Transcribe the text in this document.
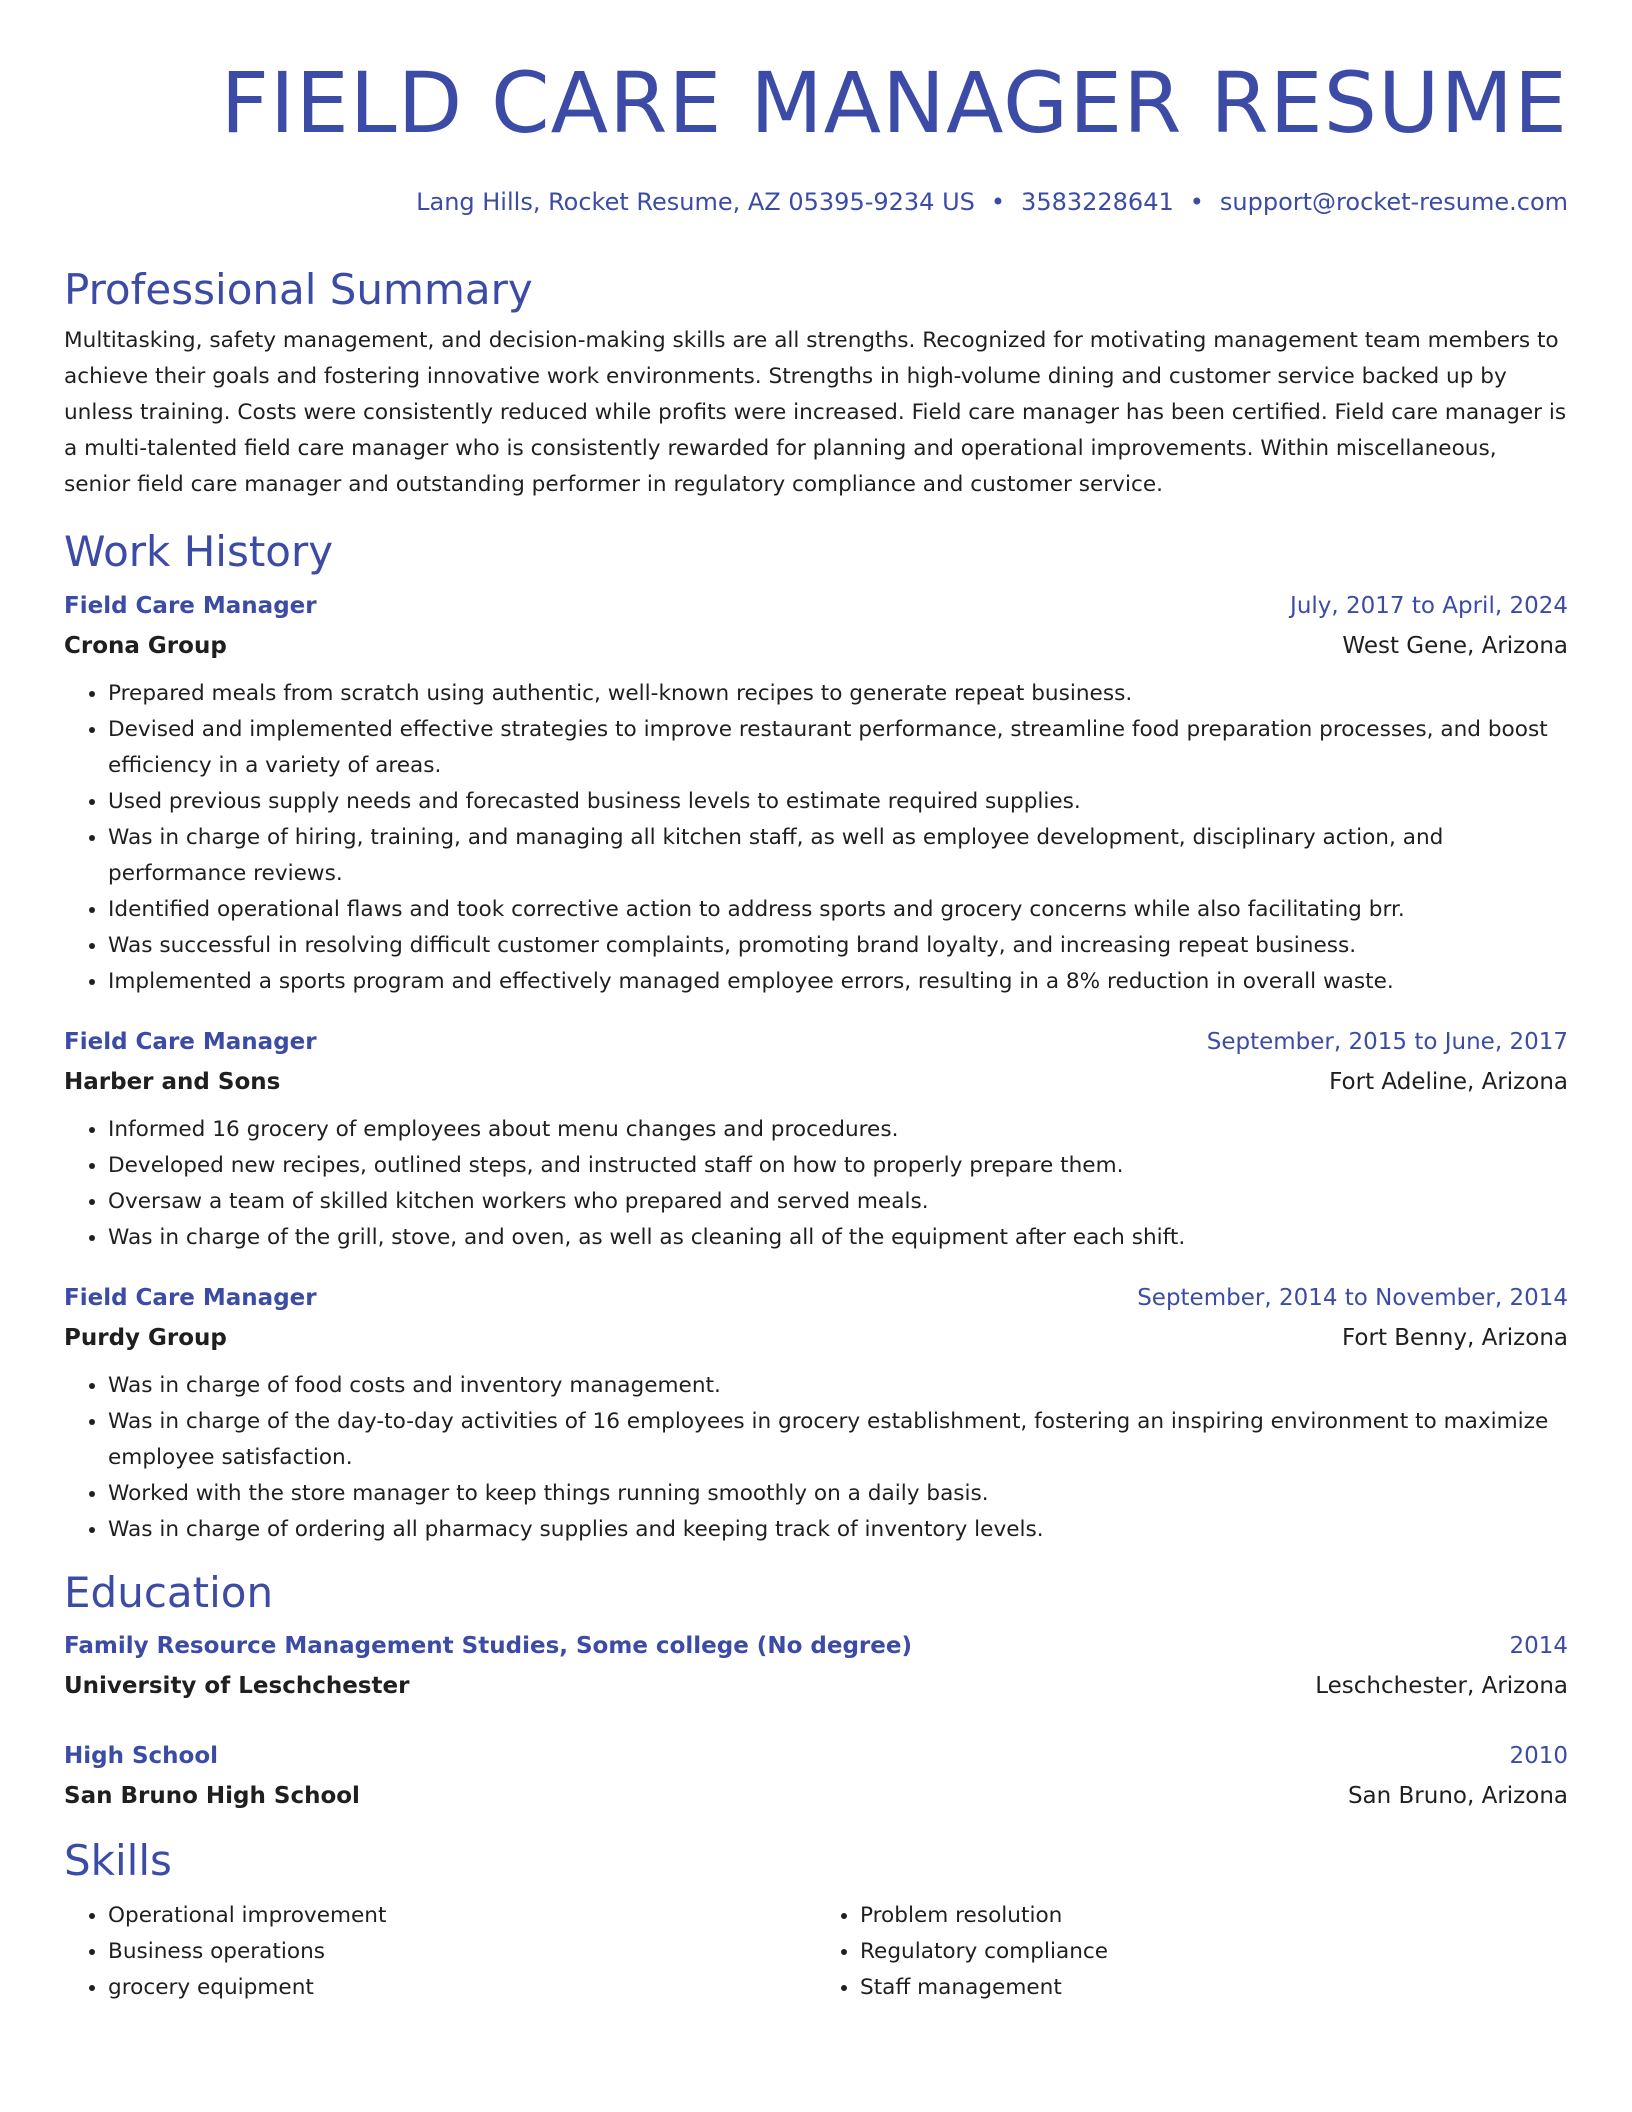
FIELD CARE MANAGER RESUME
Lang Hills, Rocket Resume, AZ 05395-9234 US • 3583228641 • support@rocket-resume.com
Professional Summary
Multitasking, safety management, and decision-making skills are all strengths. Recognized for motivating management team members to achieve their goals and fostering innovative work environments. Strengths in high-volume dining and customer service backed up by unless training. Costs were consistently reduced while profits were increased. Field care manager has been certified. Field care manager is a multi-talented field care manager who is consistently rewarded for planning and operational improvements. Within miscellaneous, senior field care manager and outstanding performer in regulatory compliance and customer service.
Work History
Field Care Manager	July, 2017 to April, 2024
Crona Group	West Gene, Arizona
• Prepared meals from scratch using authentic, well-known recipes to generate repeat business.
• Devised and implemented effective strategies to improve restaurant performance, streamline food preparation processes, and boost efficiency in a variety of areas.
• Used previous supply needs and forecasted business levels to estimate required supplies.
• Was in charge of hiring, training, and managing all kitchen staff, as well as employee development, disciplinary action, and performance reviews.
• Identified operational flaws and took corrective action to address sports and grocery concerns while also facilitating brr.
• Was successful in resolving difficult customer complaints, promoting brand loyalty, and increasing repeat business.
• Implemented a sports program and effectively managed employee errors, resulting in a 8% reduction in overall waste.
Field Care Manager	September, 2015 to June, 2017
Harber and Sons	Fort Adeline, Arizona
• Informed 16 grocery of employees about menu changes and procedures.
• Developed new recipes, outlined steps, and instructed staff on how to properly prepare them.
• Oversaw a team of skilled kitchen workers who prepared and served meals.
• Was in charge of the grill, stove, and oven, as well as cleaning all of the equipment after each shift.
Field Care Manager	September, 2014 to November, 2014
Purdy Group	Fort Benny, Arizona
• Was in charge of food costs and inventory management.
• Was in charge of the day-to-day activities of 16 employees in grocery establishment, fostering an inspiring environment to maximize employee satisfaction.
• Worked with the store manager to keep things running smoothly on a daily basis.
• Was in charge of ordering all pharmacy supplies and keeping track of inventory levels.
Education
Family Resource Management Studies, Some college (No degree)	2014
University of Leschchester	Leschchester, Arizona
High School	2010
San Bruno High School	San Bruno, Arizona
Skills
• Operational improvement
• Business operations
• grocery equipment
• Problem resolution
• Regulatory compliance
• Staff management
